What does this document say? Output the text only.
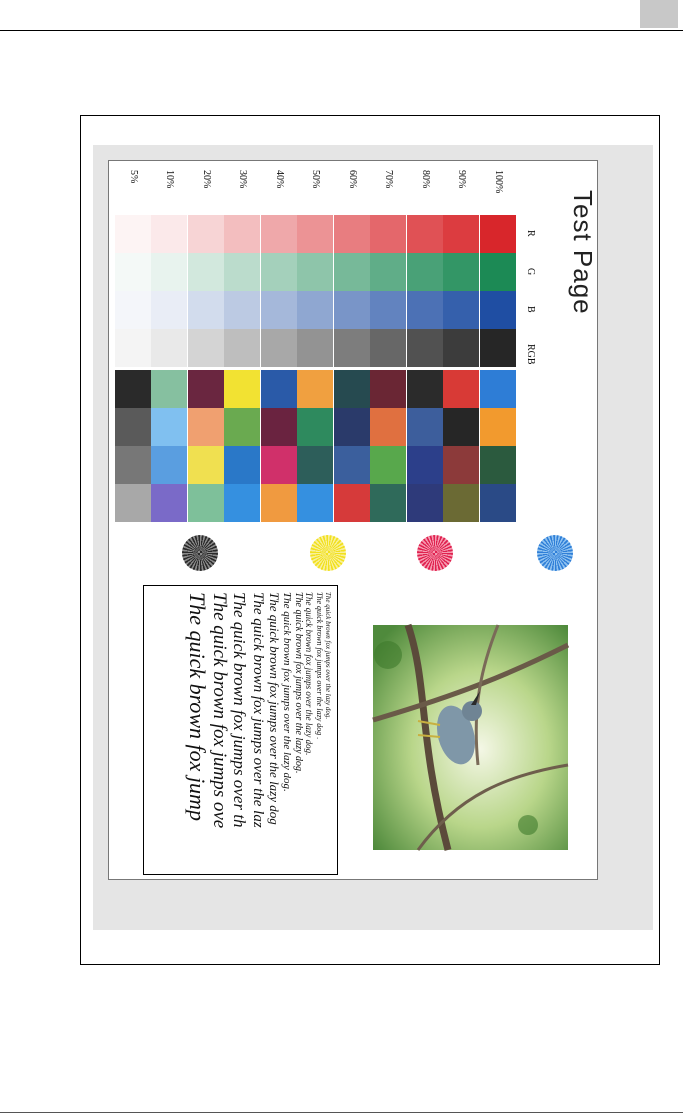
Test Page
R
G
B
RGB
100%
90%
80%
70%
60%
50%
40%
30%
20%
10%
5%
The quick brown fox jumps over the lazy dog.
The quick brown fox jumps over the lazy dog .
The quick brown fox jumps over the lazy dog.
The quick brown fox jumps over the lazy dog.
The quick brown fox jumps over the lazy dog.
The quick brown fox jumps over the lazy dog
The quick brown fox jumps over the laz
The quick brown fox jumps over th
The quick brown fox jumps ove
The quick brown fox jump
